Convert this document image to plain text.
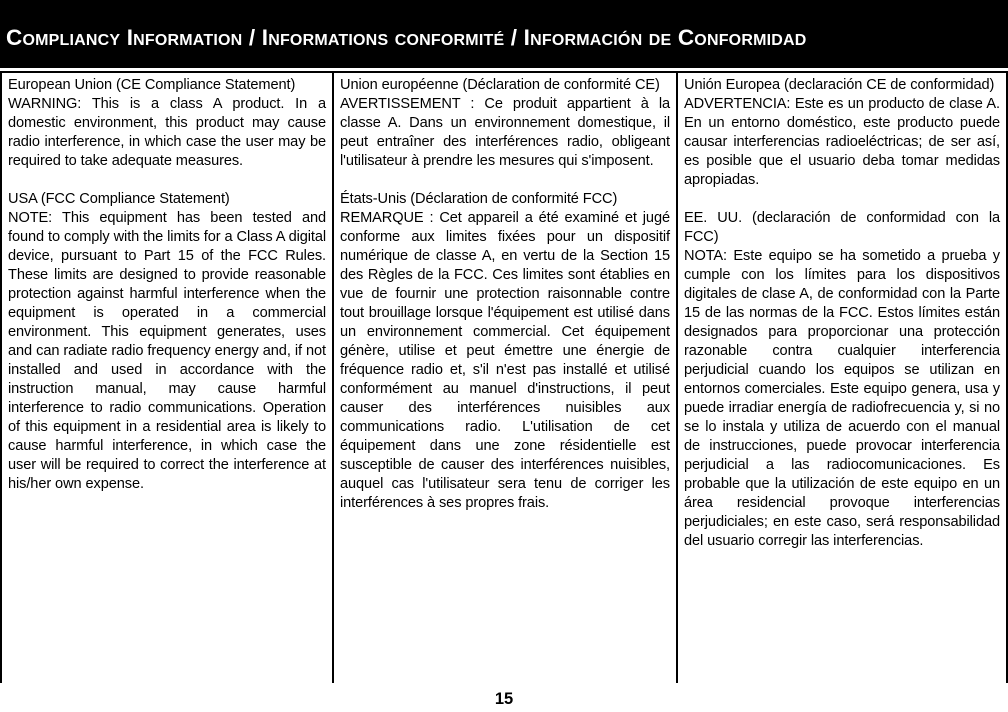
Compliancy Information / Informations conformité / Información de Conformidad

European Union (CE Compliance Statement)

WARNING: This is a class A product. In a domestic environment, this product may cause radio interference, in which case the user may be required to take adequate measures.

USA (FCC Compliance Statement)

NOTE: This equipment has been tested and found to comply with the limits for a Class A digital device, pursuant to Part 15 of the FCC Rules. These limits are designed to provide reasonable protection against harmful interference when the equipment is operated in a commercial environment. This equipment generates, uses and can radiate radio frequency energy and, if not installed and used in accordance with the instruction manual, may cause harmful interference to radio communications. Operation of this equipment in a residential area is likely to cause harmful interference, in which case the user will be required to correct the interference at his/her own expense.

Union européenne (Déclaration de conformité CE)

AVERTISSEMENT : Ce produit appartient à la classe A. Dans un environnement domestique, il peut entraîner des interférences radio, obligeant l'utilisateur à prendre les mesures qui s'imposent.

États-Unis (Déclaration de conformité FCC)

REMARQUE : Cet appareil a été examiné et jugé conforme aux limites fixées pour un dispositif numérique de classe A, en vertu de la Section 15 des Règles de la FCC. Ces limites sont établies en vue de fournir une protection raisonnable contre tout brouillage lorsque l'équipement est utilisé dans un environnement commercial. Cet équipement génère, utilise et peut émettre une énergie de fréquence radio et, s'il n'est pas installé et utilisé conformément au manuel d'instructions, il peut causer des interférences nuisibles aux communications radio. L'utilisation de cet équipement dans une zone résidentielle est susceptible de causer des interférences nuisibles, auquel cas l'utilisateur sera tenu de corriger les interférences à ses propres frais.

Unión Europea (declaración CE de conformidad)

ADVERTENCIA: Este es un producto de clase A. En un entorno doméstico, este producto puede causar interferencias radioeléctricas; de ser así, es posible que el usuario deba tomar medidas apropiadas.

EE. UU. (declaración de conformidad con la FCC)

NOTA: Este equipo se ha sometido a prueba y cumple con los límites para los dispositivos digitales de clase A, de conformidad con la Parte 15 de las normas de la FCC. Estos límites están designados para proporcionar una protección razonable contra cualquier interferencia perjudicial cuando los equipos se utilizan en entornos comerciales. Este equipo genera, usa y puede irradiar energía de radiofrecuencia y, si no se lo instala y utiliza de acuerdo con el manual de instrucciones, puede provocar interferencia perjudicial a las radiocomunicaciones. Es probable que la utilización de este equipo en un área residencial provoque interferencias perjudiciales; en este caso, será responsabilidad del usuario corregir las interferencias.

15
